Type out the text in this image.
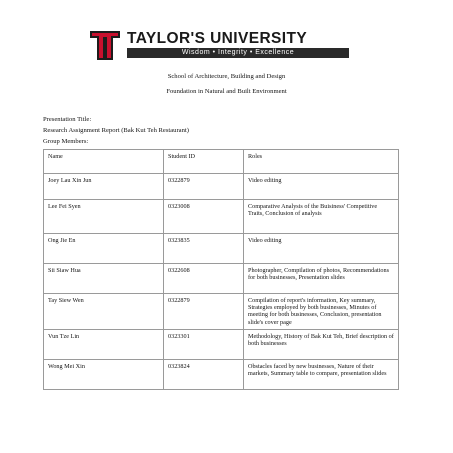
TAYLOR'S UNIVERSITY
Wisdom • Integrity • Excellence
School of Architecture, Building and Design
Foundation in Natural and Built Environment
Presentation Title:
Research Assignment Report (Bak Kut Teh Restaurant)
Group Members:
Name	Student ID	Roles
Joey Lau Xin Jun	0322879	Video editing
Lee Fei Syen	0323008	Comparative Analysis of the Buisiness' Competitive Traits, Conclusion of analysis
Ong Jie En	0323835	Video editing
Sii Siaw Hua	0322608	Photographer, Compilation of photos, Recommendations for both businesses, Presentation slides
Tay Siew Wen	0322879	Compilation of report's information, Key summary, Strategies employed by both businesses, Minutes of meeting for both businesses, Conclusion, presentation slide's cover page
Vun Tze Lin	0323301	Methodology, History of Bak Kut Teh, Brief description of both businesses
Wong Mei Xin	0323824	Obstacles faced by new businesses, Nature of their markets, Summary table to compare, presentation slides
